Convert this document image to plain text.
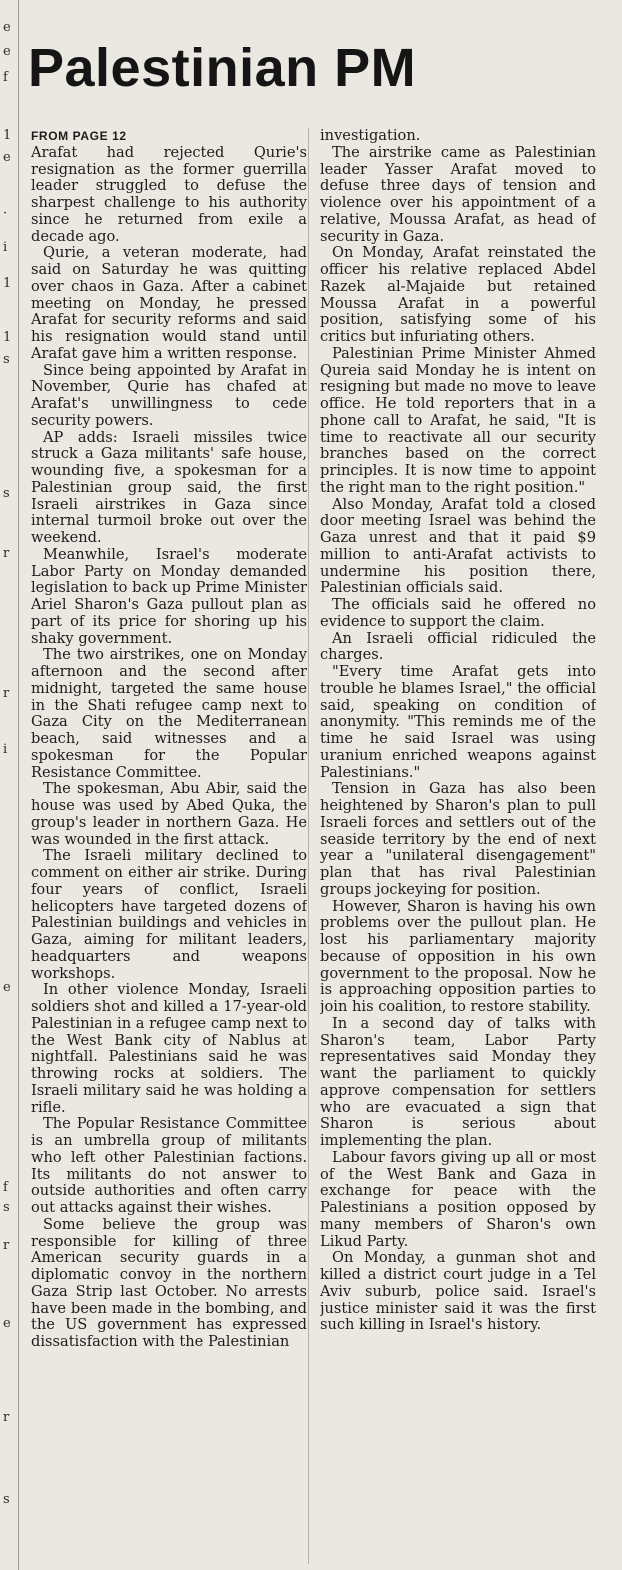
e
e
f
1
e
·
i
1
1
s
s
r
r
i
e
f
s
r
e
r
s

Palestinian PM
FROM PAGE 12

Arafat had rejected Qurie's resignation as the former guerrilla leader struggled to defuse the sharpest challenge to his authority since he returned from exile a decade ago.

Qurie, a veteran moderate, had said on Saturday he was quitting over chaos in Gaza. After a cabinet meeting on Monday, he pressed Arafat for security reforms and said his resignation would stand until Arafat gave him a written response.

Since being appointed by Arafat in November, Qurie has chafed at Arafat's unwillingness to cede security powers.

AP adds: Israeli missiles twice struck a Gaza militants' safe house, wounding five, a spokesman for a Palestinian group said, the first Israeli airstrikes in Gaza since internal turmoil broke out over the weekend.

Meanwhile, Israel's moderate Labor Party on Monday demanded legislation to back up Prime Minister Ariel Sharon's Gaza pullout plan as part of its price for shoring up his shaky government.

The two airstrikes, one on Monday afternoon and the second after midnight, targeted the same house in the Shati refugee camp next to Gaza City on the Mediterranean beach, said witnesses and a spokesman for the Popular Resistance Committee.

The spokesman, Abu Abir, said the house was used by Abed Quka, the group's leader in northern Gaza. He was wounded in the first attack.

The Israeli military declined to comment on either air strike. During four years of conflict, Israeli helicopters have targeted dozens of Palestinian buildings and vehicles in Gaza, aiming for militant leaders, headquarters and weapons workshops.

In other violence Monday, Israeli soldiers shot and killed a 17-year-old Palestinian in a refugee camp next to the West Bank city of Nablus at nightfall. Palestinians said he was throwing rocks at soldiers. The Israeli military said he was holding a rifle.

The Popular Resistance Committee is an umbrella group of militants who left other Palestinian factions. Its militants do not answer to outside authorities and often carry out attacks against their wishes.

Some believe the group was responsible for killing of three American security guards in a diplomatic convoy in the northern Gaza Strip last October. No arrests have been made in the bombing, and the US government has expressed dissatisfaction with the Palestinian

investigation.

The airstrike came as Palestinian leader Yasser Arafat moved to defuse three days of tension and violence over his appointment of a relative, Moussa Arafat, as head of security in Gaza.

On Monday, Arafat reinstated the officer his relative replaced Abdel Razek al-Majaide but retained Moussa Arafat in a powerful position, satisfying some of his critics but infuriating others.

Palestinian Prime Minister Ahmed Qureia said Monday he is intent on resigning but made no move to leave office. He told reporters that in a phone call to Arafat, he said, "It is time to reactivate all our security branches based on the correct principles. It is now time to appoint the right man to the right position."

Also Monday, Arafat told a closed door meeting Israel was behind the Gaza unrest and that it paid $9 million to anti-Arafat activists to undermine his position there, Palestinian officials said.

The officials said he offered no evidence to support the claim.

An Israeli official ridiculed the charges.

"Every time Arafat gets into trouble he blames Israel," the official said, speaking on condition of anonymity. "This reminds me of the time he said Israel was using uranium enriched weapons against Palestinians."

Tension in Gaza has also been heightened by Sharon's plan to pull Israeli forces and settlers out of the seaside territory by the end of next year a "unilateral disengagement" plan that has rival Palestinian groups jockeying for position.

However, Sharon is having his own problems over the pullout plan. He lost his parliamentary majority because of opposition in his own government to the proposal. Now he is approaching opposition parties to join his coalition, to restore stability.

In a second day of talks with Sharon's team, Labor Party representatives said Monday they want the parliament to quickly approve compensation for settlers who are evacuated a sign that Sharon is serious about implementing the plan.

Labour favors giving up all or most of the West Bank and Gaza in exchange for peace with the Palestinians a position opposed by many members of Sharon's own Likud Party.

On Monday, a gunman shot and killed a district court judge in a Tel Aviv suburb, police said. Israel's justice minister said it was the first such killing in Israel's history.
